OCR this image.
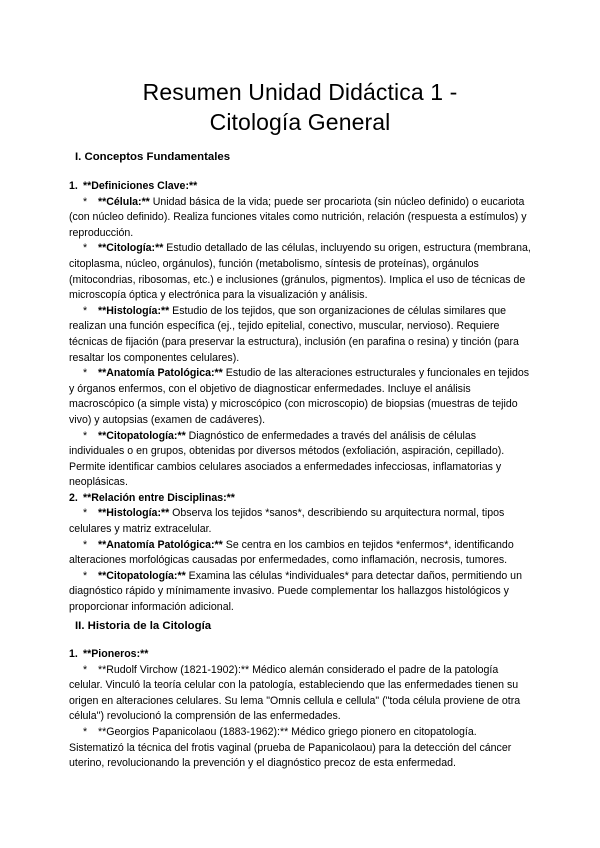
Resumen Unidad Didáctica 1 -
Citología General
I. Conceptos Fundamentales

1. **Definiciones Clave:**

* **Célula:** Unidad básica de la vida; puede ser procariota (sin núcleo definido) o eucariota (con núcleo definido). Realiza funciones vitales como nutrición, relación (respuesta a estímulos) y reproducción.

* **Citología:** Estudio detallado de las células, incluyendo su origen, estructura (membrana, citoplasma, núcleo, orgánulos), función (metabolismo, síntesis de proteínas), orgánulos (mitocondrias, ribosomas, etc.) e inclusiones (gránulos, pigmentos). Implica el uso de técnicas de microscopía óptica y electrónica para la visualización y análisis.

* **Histología:** Estudio de los tejidos, que son organizaciones de células similares que realizan una función específica (ej., tejido epitelial, conectivo, muscular, nervioso). Requiere técnicas de fijación (para preservar la estructura), inclusión (en parafina o resina) y tinción (para resaltar los componentes celulares).

* **Anatomía Patológica:** Estudio de las alteraciones estructurales y funcionales en tejidos y órganos enfermos, con el objetivo de diagnosticar enfermedades. Incluye el análisis macroscópico (a simple vista) y microscópico (con microscopio) de biopsias (muestras de tejido vivo) y autopsias (examen de cadáveres).

* **Citopatología:** Diagnóstico de enfermedades a través del análisis de células individuales o en grupos, obtenidas por diversos métodos (exfoliación, aspiración, cepillado). Permite identificar cambios celulares asociados a enfermedades infecciosas, inflamatorias y neoplásicas.

2. **Relación entre Disciplinas:**

* **Histología:** Observa los tejidos *sanos*, describiendo su arquitectura normal, tipos celulares y matriz extracelular.

* **Anatomía Patológica:** Se centra en los cambios en tejidos *enfermos*, identificando alteraciones morfológicas causadas por enfermedades, como inflamación, necrosis, tumores.

* **Citopatología:** Examina las células *individuales* para detectar daños, permitiendo un diagnóstico rápido y mínimamente invasivo. Puede complementar los hallazgos histológicos y proporcionar información adicional.

II. Historia de la Citología

1. **Pioneros:**

* **Rudolf Virchow (1821-1902):** Médico alemán considerado el padre de la patología celular. Vinculó la teoría celular con la patología, estableciendo que las enfermedades tienen su origen en alteraciones celulares. Su lema "Omnis cellula e cellula" ("toda célula proviene de otra célula") revolucionó la comprensión de las enfermedades.

* **Georgios Papanicolaou (1883-1962):** Médico griego pionero en citopatología. Sistematizó la técnica del frotis vaginal (prueba de Papanicolaou) para la detección del cáncer uterino, revolucionando la prevención y el diagnóstico precoz de esta enfermedad.
